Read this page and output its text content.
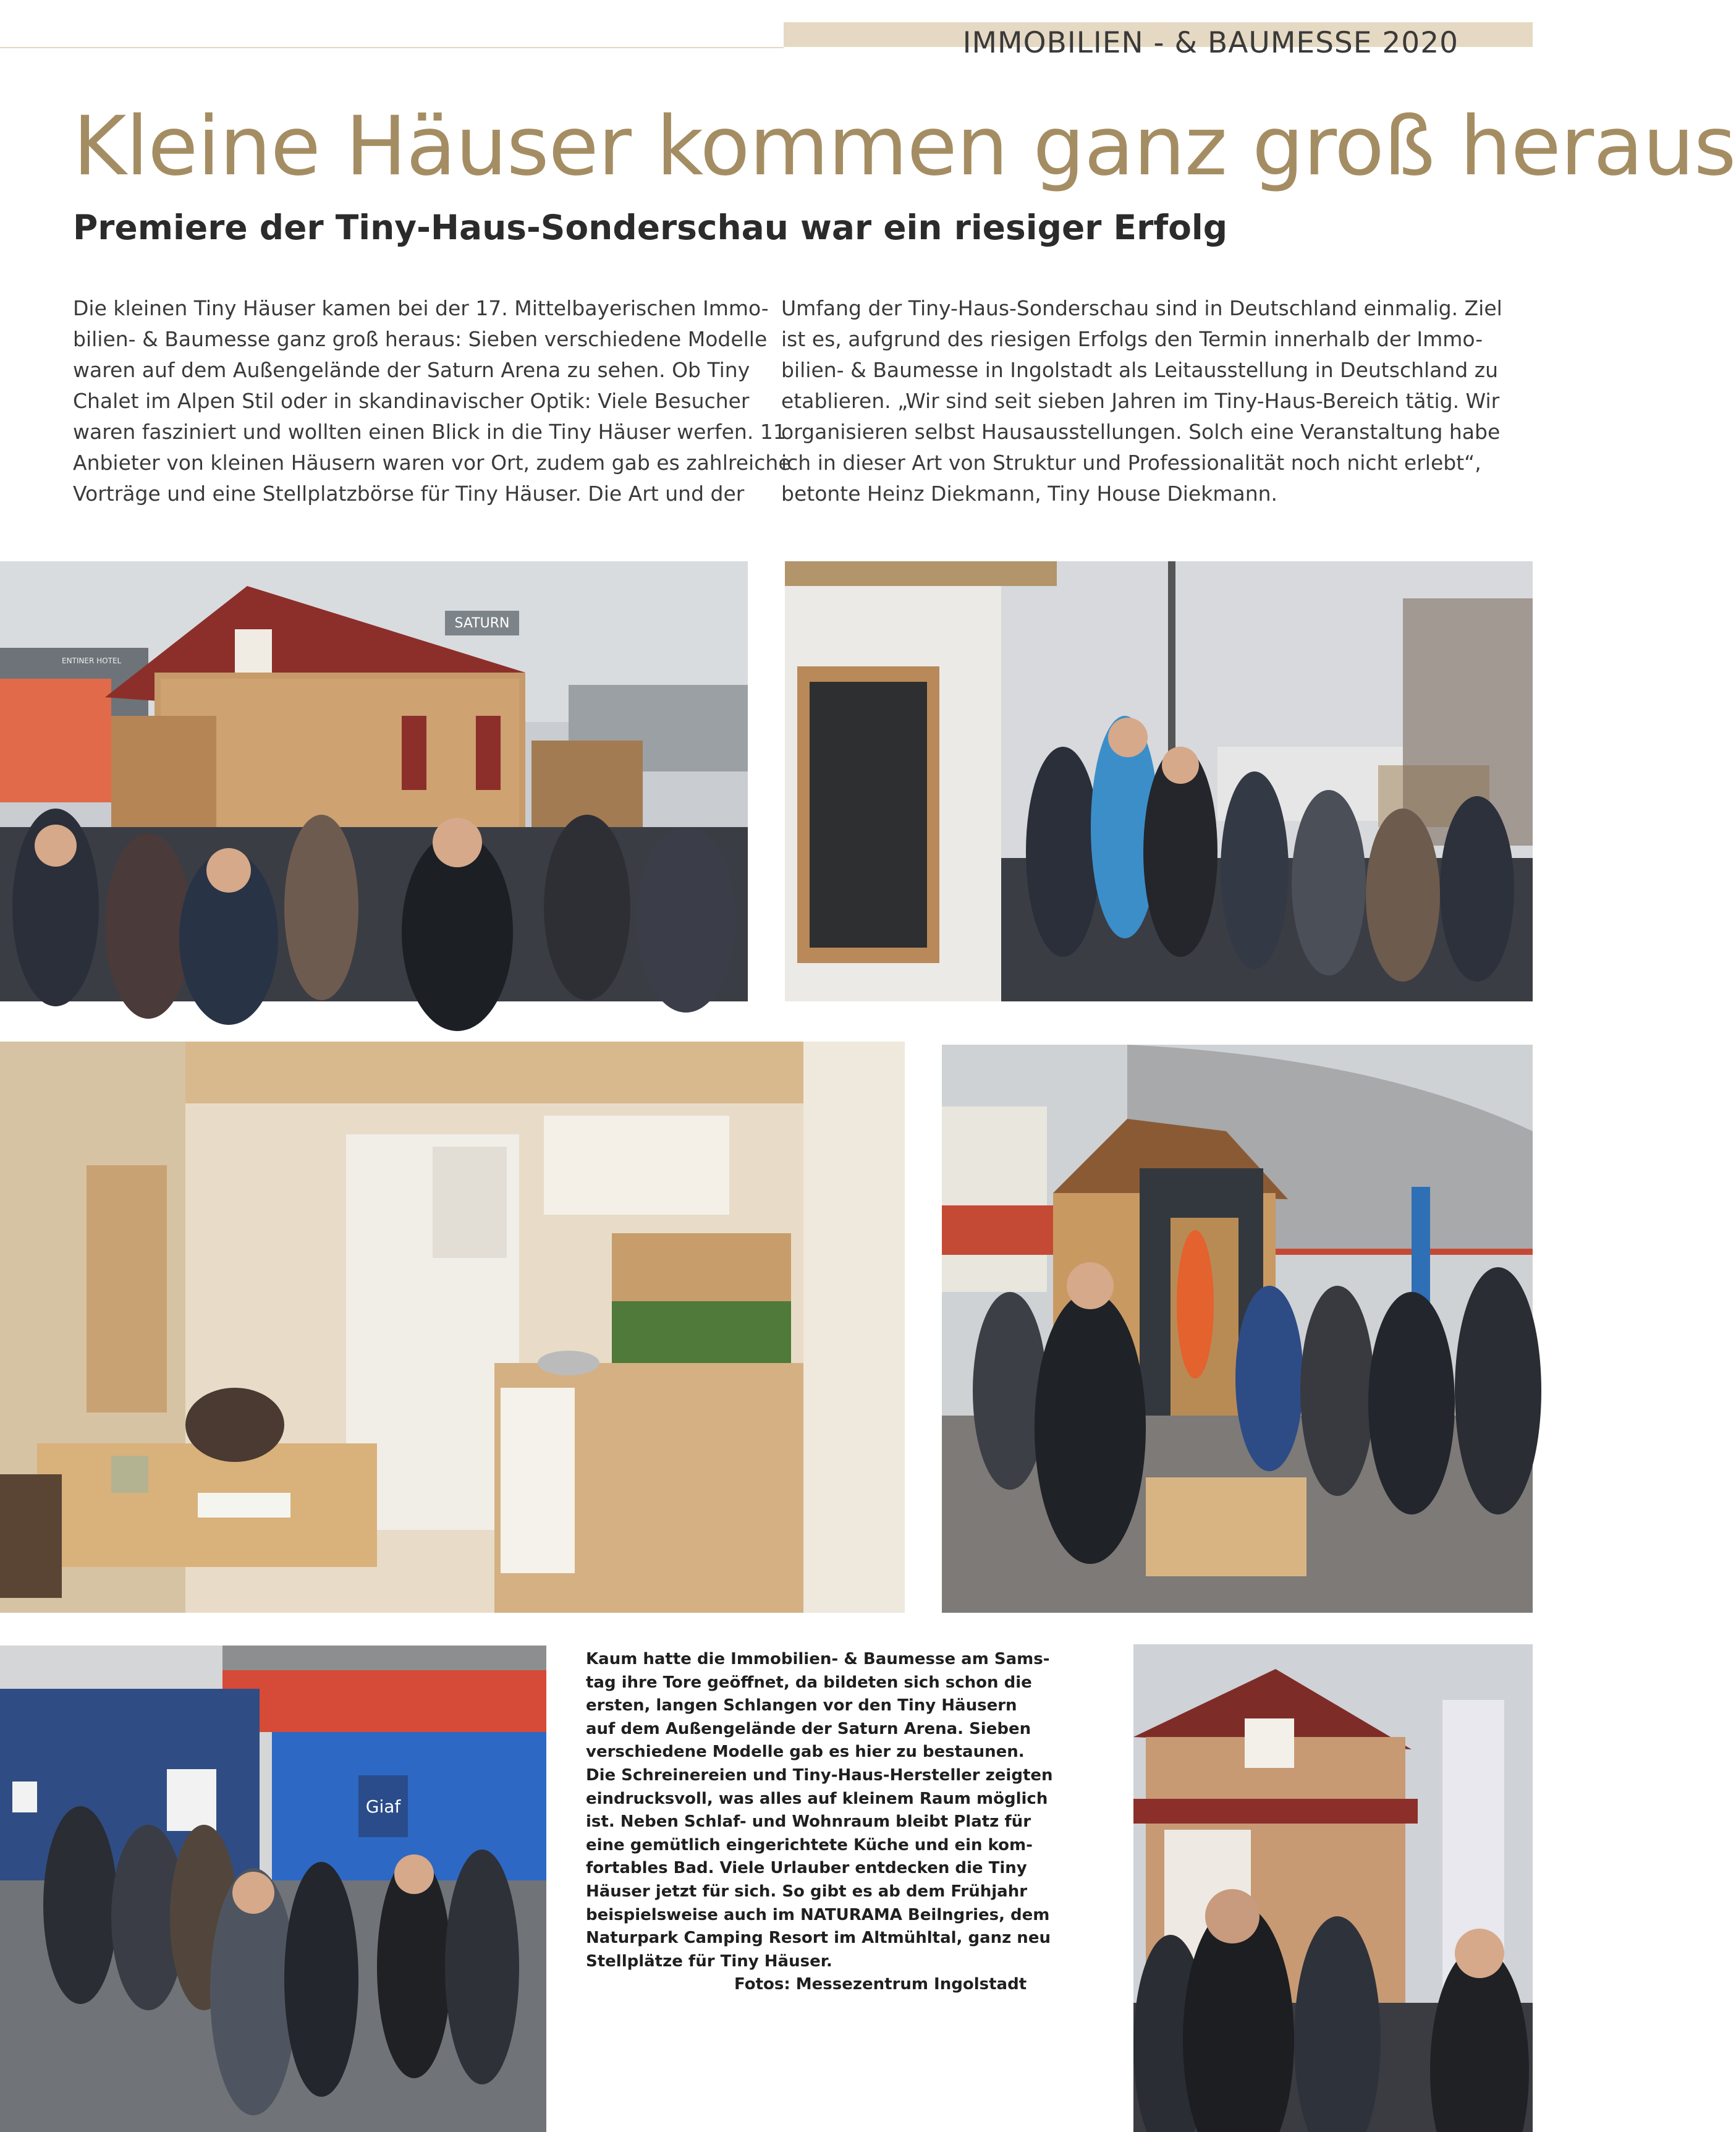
IMMOBILIEN - & BAUMESSE 2020
Kleine Häuser kommen ganz groß heraus
Premiere der Tiny-Haus-Sonderschau war ein riesiger Erfolg
Die kleinen Tiny Häuser kamen bei der 17. Mittelbayerischen Immo-
bilien- & Baumesse ganz groß heraus: Sieben verschiedene Modelle
waren auf dem Außengelände der Saturn Arena zu sehen. Ob Tiny
Chalet im Alpen Stil oder in skandinavischer Optik: Viele Besucher
waren fasziniert und wollten einen Blick in die Tiny Häuser werfen. 11
Anbieter von kleinen Häusern waren vor Ort, zudem gab es zahlreiche
Vorträge und eine Stellplatzbörse für Tiny Häuser. Die Art und der
Umfang der Tiny-Haus-Sonderschau sind in Deutschland einmalig. Ziel
ist es, aufgrund des riesigen Erfolgs den Termin innerhalb der Immo-
bilien- & Baumesse in Ingolstadt als Leitausstellung in Deutschland zu
etablieren. „Wir sind seit sieben Jahren im Tiny-Haus-Bereich tätig. Wir
organisieren selbst Hausausstellungen. Solch eine Veranstaltung habe
ich in dieser Art von Struktur und Professionalität noch nicht erlebt“,
betonte Heinz Diekmann, Tiny House Diekmann.
SATURN
ENTINER HOTEL
Giaf
Kaum hatte die Immobilien- & Baumesse am Sams-
tag ihre Tore geöffnet, da bildeten sich schon die
ersten, langen Schlangen vor den Tiny Häusern
auf dem Außengelände der Saturn Arena. Sieben
verschiedene Modelle gab es hier zu bestaunen.
Die Schreinereien und Tiny-Haus-Hersteller zeigten
eindrucksvoll, was alles auf kleinem Raum möglich
ist. Neben Schlaf- und Wohnraum bleibt Platz für
eine gemütlich eingerichtete Küche und ein kom-
fortables Bad. Viele Urlauber entdecken die Tiny
Häuser jetzt für sich. So gibt es ab dem Frühjahr
beispielsweise auch im NATURAMA Beilngries, dem
Naturpark Camping Resort im Altmühltal, ganz neu
Stellplätze für Tiny Häuser.
Fotos: Messezentrum Ingolstadt
